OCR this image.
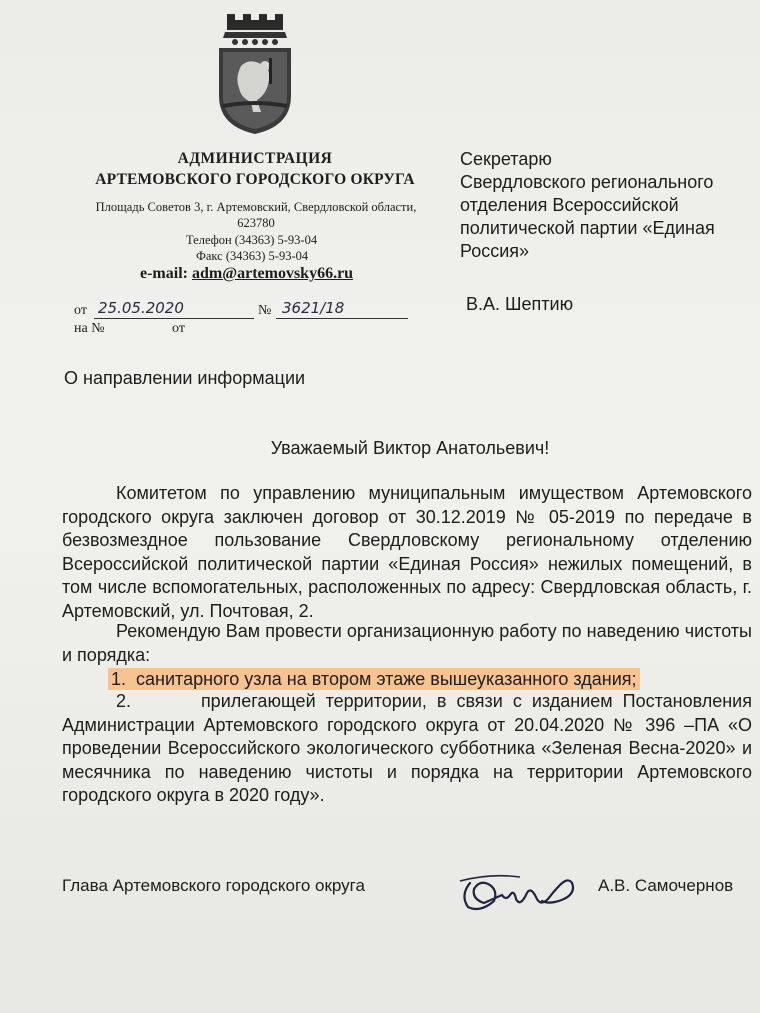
АДМИНИСТРАЦИЯ
АРТЕМОВСКОГО ГОРОДСКОГО ОКРУГА
Площадь Советов 3, г. Артемовский, Свердловской области,
623780
Телефон (34363) 5-93-04
Факс (34363) 5-93-04
e-mail: adm@artemovsky66.ru
Секретарю
Свердловского регионального
отделения Всероссийской
политической партии «Единая
Россия»
В.А. Шептию
от 25.05.2020	№ 3621/18
на №	от
О направлении информации
Уважаемый Виктор Анатольевич!

Комитетом по управлению муниципальным имуществом Артемовского городского округа заключен договор от 30.12.2019 № 05-2019 по передаче в безвозмездное пользование Свердловскому региональному отделению Всероссийской политической партии «Единая Россия» нежилых помещений, в том числе вспомогательных, расположенных по адресу: Свердловская область, г. Артемовский, ул. Почтовая, 2.

Рекомендую Вам провести организационную работу по наведению чистоты и порядка:

1. санитарного узла на втором этаже вышеуказанного здания;

2.	прилегающей территории, в связи с изданием Постановления Администрации Артемовского городского округа от 20.04.2020 № 396 –ПА «О проведении Всероссийского экологического субботника «Зеленая Весна-2020» и месячника по наведению чистоты и порядка на территории Артемовского городского округа в 2020 году».

Глава Артемовского городского округа	А.В. Самочернов
